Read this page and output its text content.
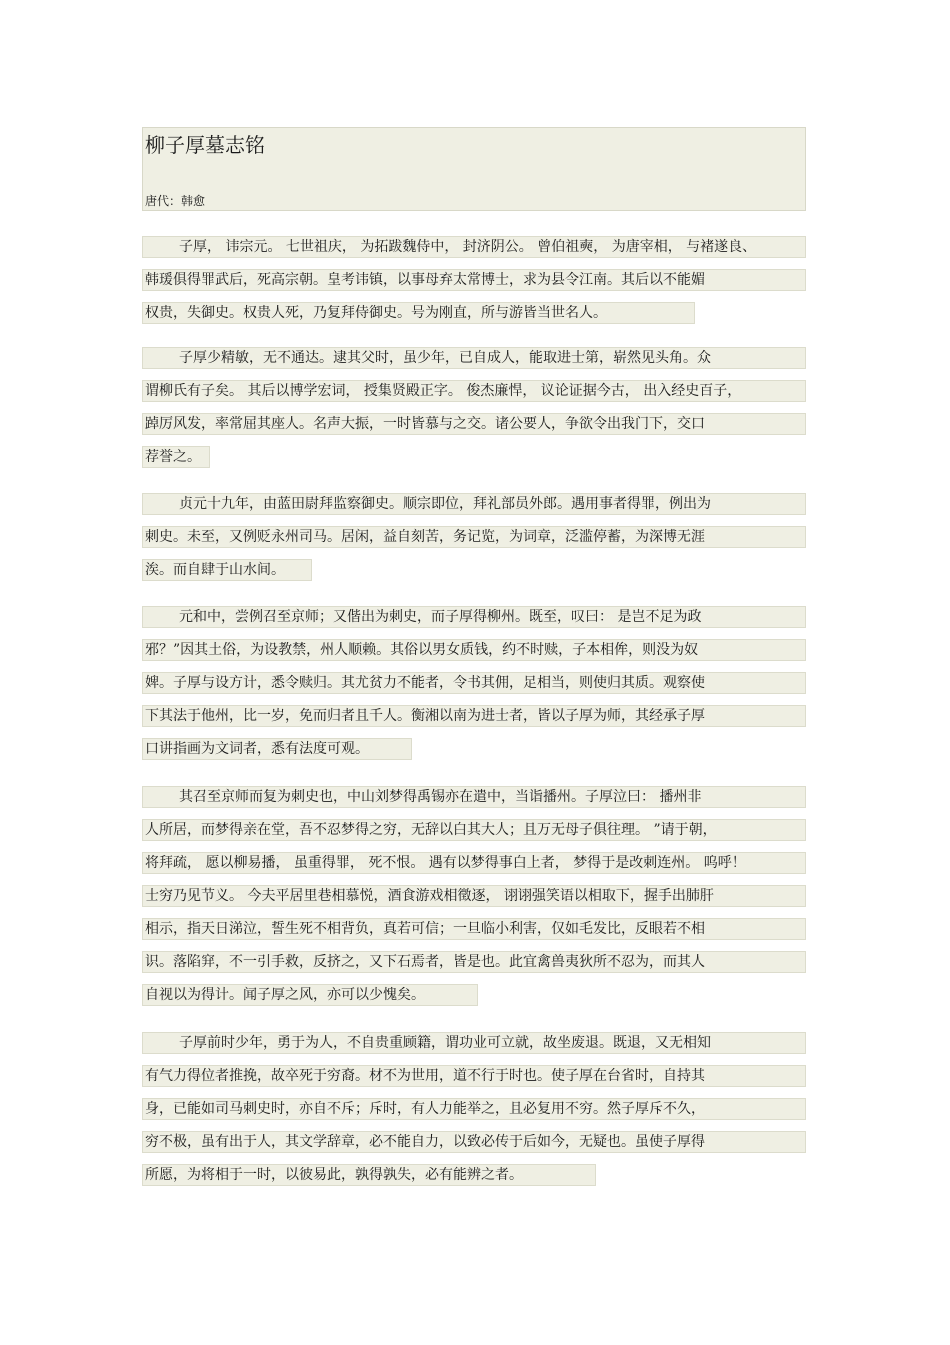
柳子厚墓志铭
唐代：韩愈
子厚， 讳宗元。 七世祖庆， 为拓跋魏侍中， 封济阴公。 曾伯祖奭， 为唐宰相， 与褚遂良、
韩瑗俱得罪武后，死高宗朝。皇考讳镇，以事母弃太常博士，求为县令江南。其后以不能媚
权贵，失御史。权贵人死，乃复拜侍御史。号为刚直，所与游皆当世名人。
子厚少精敏，无不通达。逮其父时，虽少年，已自成人，能取进士第，崭然见头角。众
谓柳氏有子矣。 其后以博学宏词， 授集贤殿正字。 俊杰廉悍， 议论证据今古， 出入经史百子，
踔厉风发，率常屈其座人。名声大振，一时皆慕与之交。诸公要人，争欲令出我门下，交口
荐誉之。
贞元十九年，由蓝田尉拜监察御史。顺宗即位，拜礼部员外郎。遇用事者得罪，例出为
刺史。未至，又例贬永州司马。居闲，益自刻苦，务记览，为词章，泛滥停蓄，为深博无涯
涘。而自肆于山水间。
元和中，尝例召至京师；又偕出为刺史，而子厚得柳州。既至，叹曰： 是岂不足为政
邪？”因其土俗，为设教禁，州人顺赖。其俗以男女质钱，约不时赎，子本相侔，则没为奴
婢。子厚与设方计，悉令赎归。其尤贫力不能者，令书其佣，足相当，则使归其质。观察使
下其法于他州，比一岁，免而归者且千人。衡湘以南为进士者，皆以子厚为师，其经承子厚
口讲指画为文词者，悉有法度可观。
其召至京师而复为刺史也，中山刘梦得禹锡亦在遣中，当诣播州。子厚泣曰： 播州非
人所居，而梦得亲在堂，吾不忍梦得之穷，无辞以白其大人；且万无母子俱往理。 ”请于朝，
将拜疏， 愿以柳易播， 虽重得罪， 死不恨。 遇有以梦得事白上者， 梦得于是改刺连州。 呜呼！
士穷乃见节义。 今夫平居里巷相慕悦，酒食游戏相徵逐， 诩诩强笑语以相取下，握手出肺肝
相示，指天日涕泣，誓生死不相背负，真若可信；一旦临小利害，仅如毛发比，反眼若不相
识。落陷穽，不一引手救，反挤之，又下石焉者，皆是也。此宜禽兽夷狄所不忍为，而其人
自视以为得计。闻子厚之风，亦可以少愧矣。
子厚前时少年，勇于为人，不自贵重顾籍，谓功业可立就，故坐废退。既退，又无相知
有气力得位者推挽，故卒死于穷裔。材不为世用，道不行于时也。使子厚在台省时，自持其
身，已能如司马刺史时，亦自不斥；斥时，有人力能举之，且必复用不穷。然子厚斥不久，
穷不极，虽有出于人，其文学辞章，必不能自力，以致必传于后如今，无疑也。虽使子厚得
所愿，为将相于一时，以彼易此，孰得孰失，必有能辨之者。
